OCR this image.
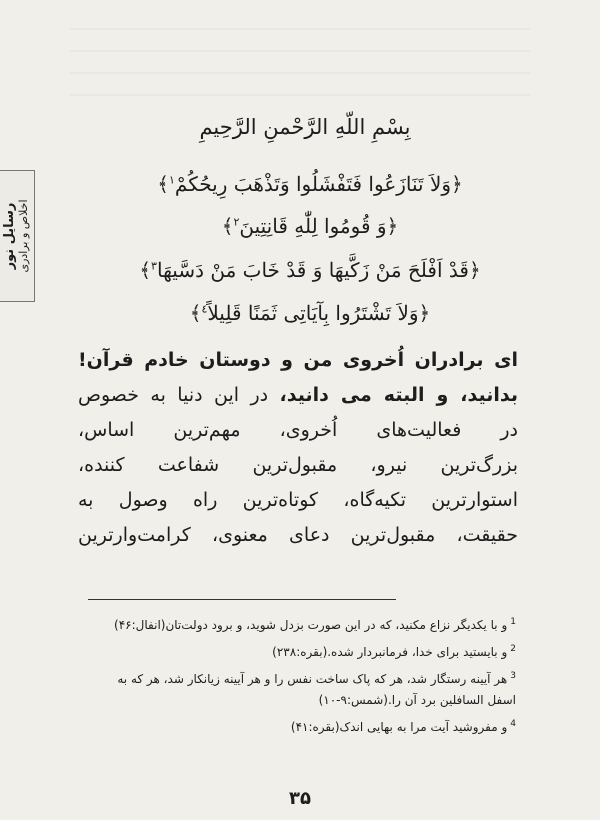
رسایل نور اخلاص و برادری
بِسْمِ اللّهِ الرَّحْمنِ الرَّحِيمِ
﴿وَلاَ تَنَازَعُوا فَتَفْشَلُوا وَتَذْهَبَ رِيحُكُمْ$^١$﴾
﴿وَ قُومُوا لِلّٰهِ قَانِتِينَ$^٢$﴾
﴿قَدْ اَفْلَحَ مَنْ زَكَّيهَا وَ قَدْ خَابَ مَنْ دَسَّيهَا$^٣$﴾
﴿وَلاَ تَشْتَرُوا بِآيَاتِى ثَمَنًا قَلِيلاً$^٤$﴾
ای برادران اُخروی من و دوستان خادم قرآن!
بدانید، و البته می دانید، در این دنیا به خصوص
در فعالیت‌های اُخروی، مهم‌ترین اساس،
بزرگ‌ترین نیرو، مقبول‌ترین شفاعت کننده،
استوارترین تکیه‌گاه، کوتاه‌ترین راه وصول به
حقیقت، مقبول‌ترین دعای معنوی، کرامت‌وارترین
$^1$و با یکدیگر نزاع مکنید، که در این صورت بزدل شوید، و برود دولت‌تان(انفال:۴۶)
$^2$و بایستید برای خدا، فرمانبردار شده.(بقره:۲۳۸)
$^3$هر آیینه رستگار شد، هر که پاک ساخت نفس را و هر آیینه زیانکار شد، هر که به اسفل السافلین برد آن را.(شمس:۹-۱۰)
$^4$و مفروشید آیت مرا به بهایی اندک(بقره:۴۱)
۳۵
